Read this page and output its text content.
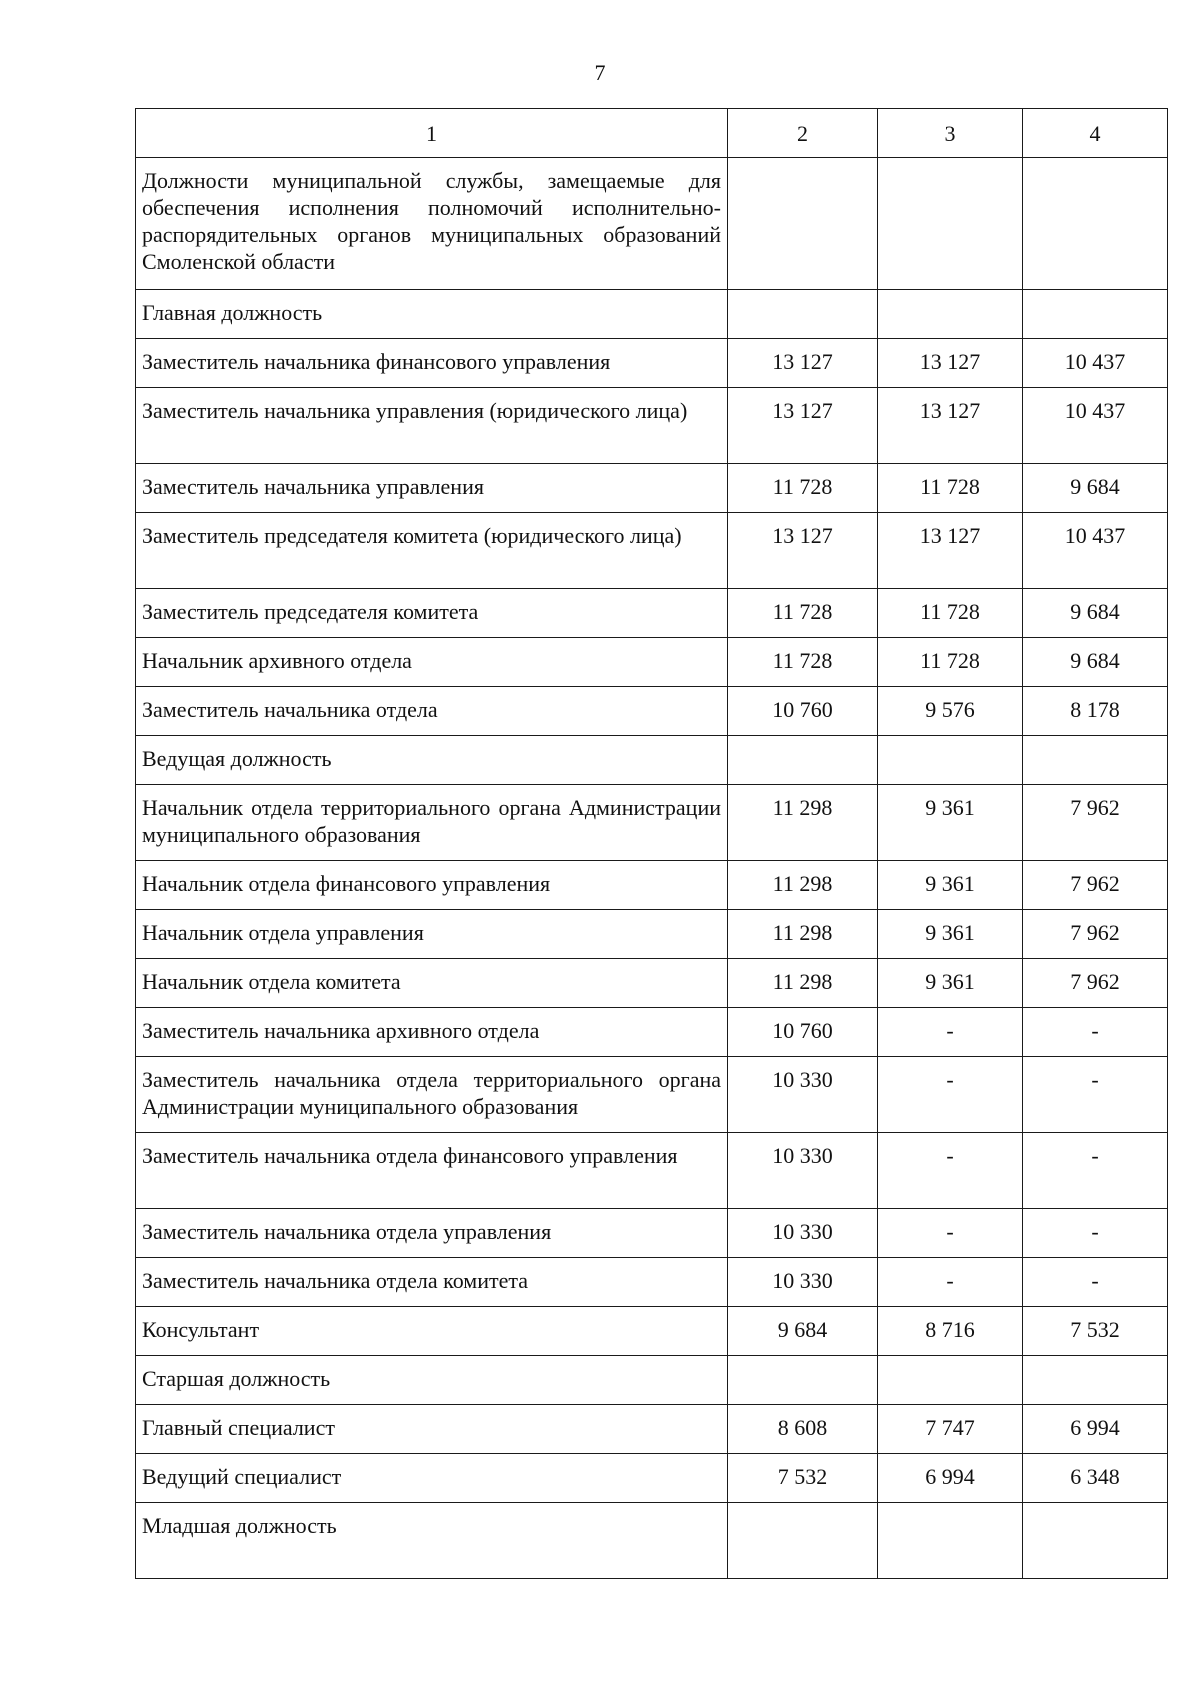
7
1	2	3	4
Должности муниципальной службы, замещаемые для обеспечения исполнения полномочий исполнительно-распорядительных органов муниципальных образований Смоленской области			
Главная должность			
Заместитель начальника финансового управления	13 127	13 127	10 437
Заместитель начальника управления (юридического лица)	13 127	13 127	10 437
Заместитель начальника управления	11 728	11 728	9 684
Заместитель председателя комитета (юридического лица)	13 127	13 127	10 437
Заместитель председателя комитета	11 728	11 728	9 684
Начальник архивного отдела	11 728	11 728	9 684
Заместитель начальника отдела	10 760	9 576	8 178
Ведущая должность			
Начальник отдела территориального органа Администрации муниципального образования	11 298	9 361	7 962
Начальник отдела финансового управления	11 298	9 361	7 962
Начальник отдела управления	11 298	9 361	7 962
Начальник отдела комитета	11 298	9 361	7 962
Заместитель начальника архивного отдела	10 760	-	-
Заместитель начальника отдела территориального органа Администрации муниципального образования	10 330	-	-
Заместитель начальника отдела финансового управления	10 330	-	-
Заместитель начальника отдела управления	10 330	-	-
Заместитель начальника отдела комитета	10 330	-	-
Консультант	9 684	8 716	7 532
Старшая должность			
Главный специалист	8 608	7 747	6 994
Ведущий специалист	7 532	6 994	6 348
Младшая должность			
